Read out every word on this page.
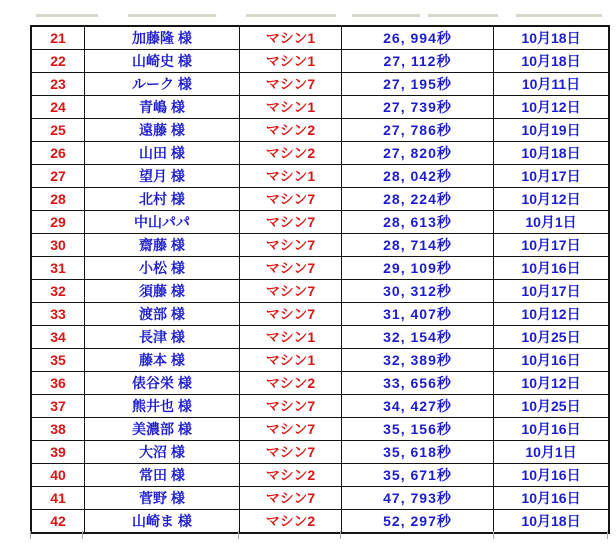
21	加藤隆 様	マシン1	26, 994秒	10月18日
22	山崎史 様	マシン1	27, 112秒	10月18日
23	ルーク 様	マシン7	27, 195秒	10月11日
24	青嶋 様	マシン1	27, 739秒	10月12日
25	遠藤 様	マシン2	27, 786秒	10月19日
26	山田 様	マシン2	27, 820秒	10月18日
27	望月 様	マシン1	28, 042秒	10月17日
28	北村 様	マシン7	28, 224秒	10月12日
29	中山パパ	マシン7	28, 613秒	10月1日
30	齋藤 様	マシン7	28, 714秒	10月17日
31	小松 様	マシン7	29, 109秒	10月16日
32	須藤 様	マシン7	30, 312秒	10月17日
33	渡部 様	マシン7	31, 407秒	10月12日
34	長津 様	マシン1	32, 154秒	10月25日
35	藤本 様	マシン1	32, 389秒	10月16日
36	俵谷栄 様	マシン2	33, 656秒	10月12日
37	熊井也 様	マシン7	34, 427秒	10月25日
38	美濃部 様	マシン7	35, 156秒	10月16日
39	大沼 様	マシン7	35, 618秒	10月1日
40	常田 様	マシン2	35, 671秒	10月16日
41	菅野 様	マシン7	47, 793秒	10月16日
42	山崎ま 様	マシン2	52, 297秒	10月18日
